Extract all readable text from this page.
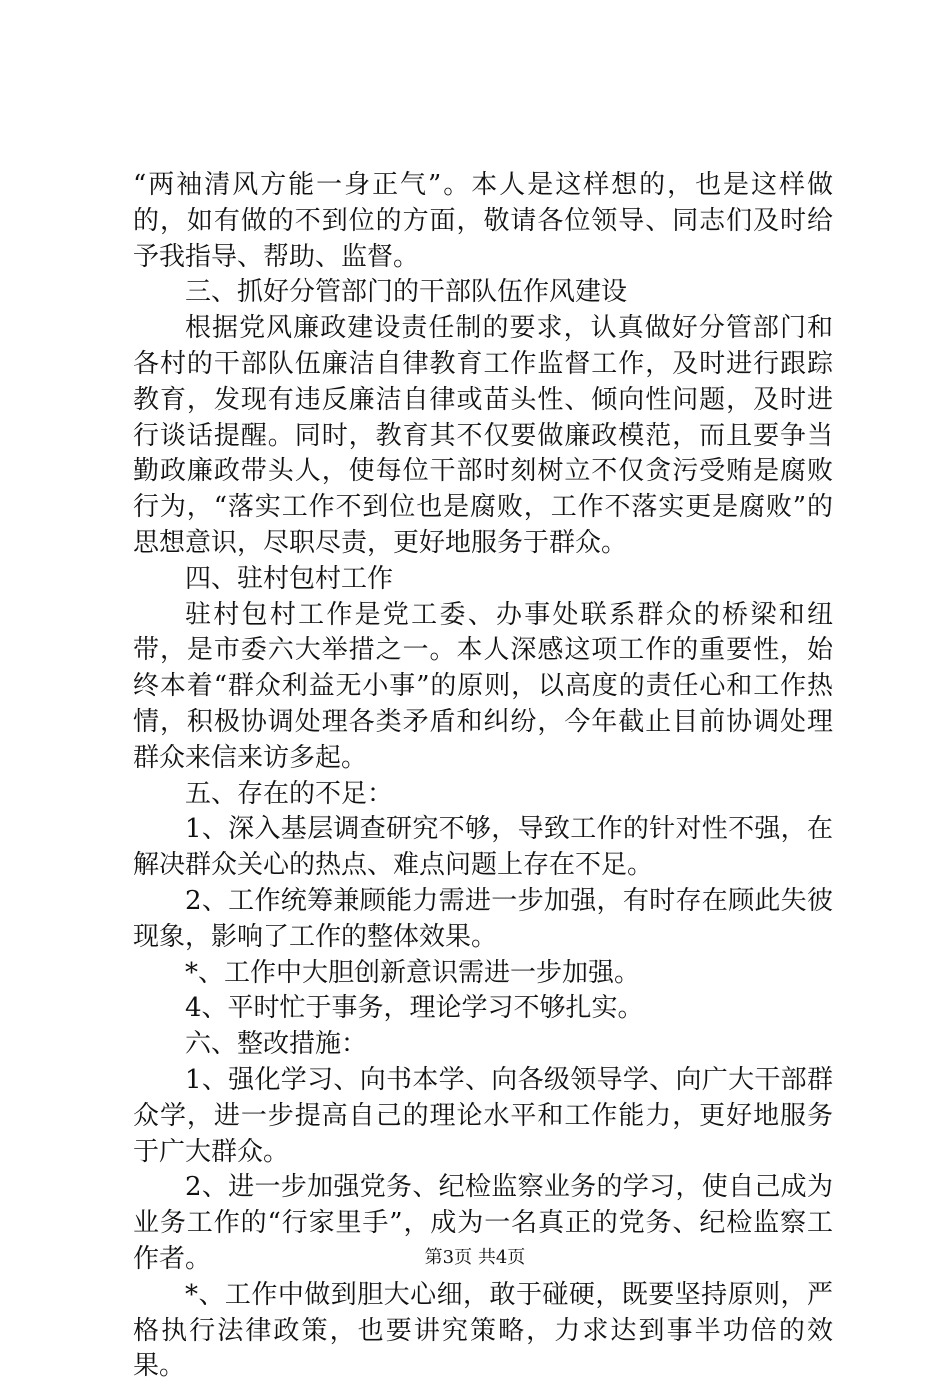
“两袖清风方能一身正气”。本人是这样想的，也是这样做的，如有做的不到位的方面，敬请各位领导、同志们及时给予我指导、帮助、监督。

三、抓好分管部门的干部队伍作风建设

根据党风廉政建设责任制的要求，认真做好分管部门和各村的干部队伍廉洁自律教育工作监督工作，及时进行跟踪教育，发现有违反廉洁自律或苗头性、倾向性问题，及时进行谈话提醒。同时，教育其不仅要做廉政模范，而且要争当勤政廉政带头人，使每位干部时刻树立不仅贪污受贿是腐败行为，“落实工作不到位也是腐败，工作不落实更是腐败”的思想意识，尽职尽责，更好地服务于群众。

四、驻村包村工作

驻村包村工作是党工委、办事处联系群众的桥梁和纽带，是市委六大举措之一。本人深感这项工作的重要性，始终本着“群众利益无小事”的原则，以高度的责任心和工作热情，积极协调处理各类矛盾和纠纷，今年截止目前协调处理群众来信来访多起。

五、存在的不足：

1、深入基层调查研究不够，导致工作的针对性不强，在解决群众关心的热点、难点问题上存在不足。

2、工作统筹兼顾能力需进一步加强，有时存在顾此失彼现象，影响了工作的整体效果。

*、工作中大胆创新意识需进一步加强。

4、平时忙于事务，理论学习不够扎实。

六、整改措施：

1、强化学习、向书本学、向各级领导学、向广大干部群众学，进一步提高自己的理论水平和工作能力，更好地服务于广大群众。

2、进一步加强党务、纪检监察业务的学习，使自己成为业务工作的“行家里手”，成为一名真正的党务、纪检监察工作者。

*、工作中做到胆大心细，敢于碰硬，既要坚持原则，严格执行法律政策，也要讲究策略，力求达到事半功倍的效果。

第3页 共4页
